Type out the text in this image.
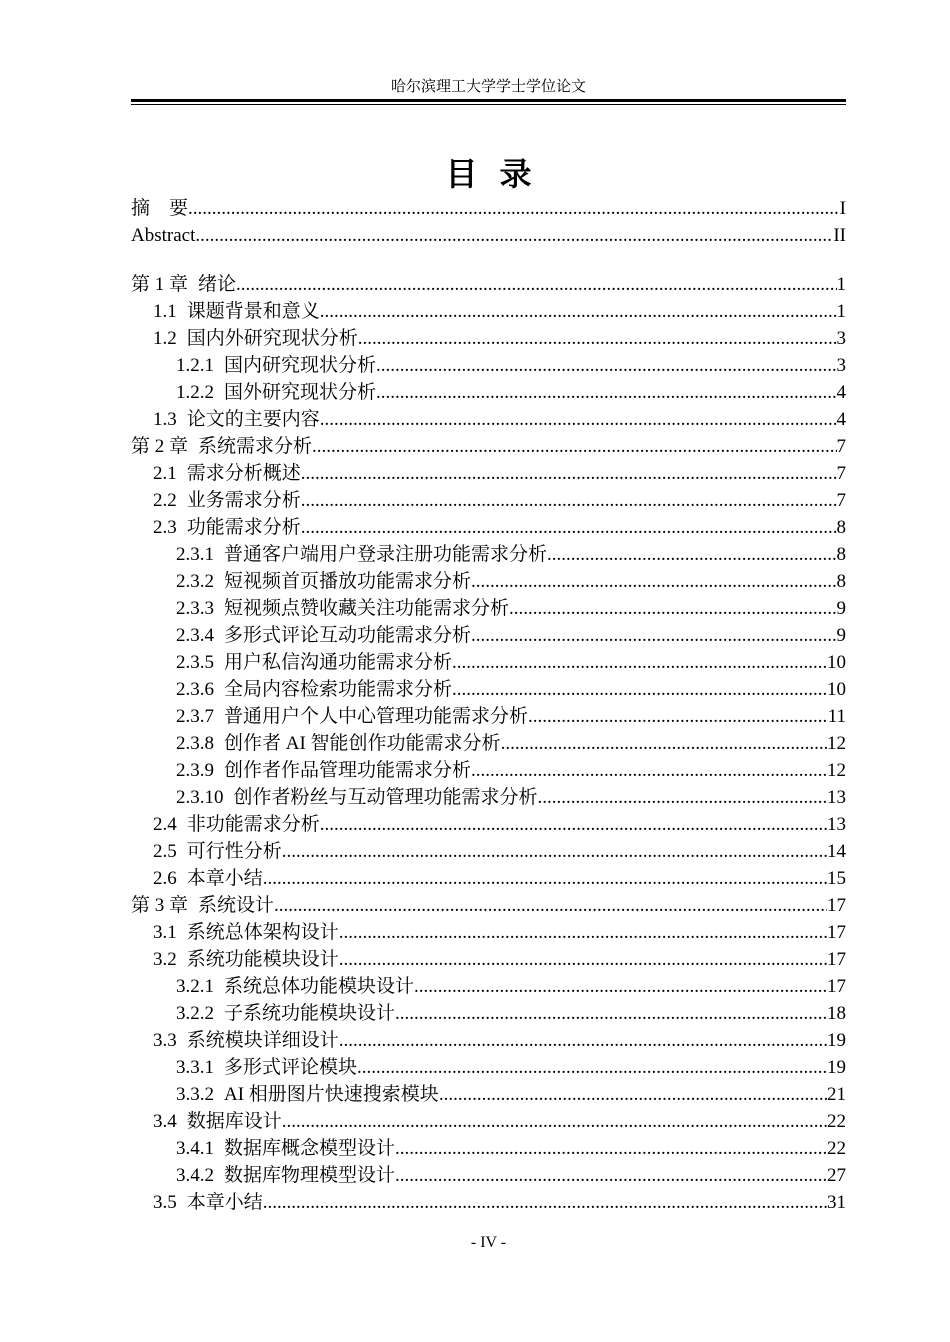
哈尔滨理工大学学士学位论文
目录
摘　要 .....	I
Abstract .....	II
第 1 章 绪论 .....	1
1.1 课题背景和意义 .....	1
1.2 国内外研究现状分析 .....	3
1.2.1 国内研究现状分析 .....	3
1.2.2 国外研究现状分析 .....	4
1.3 论文的主要内容 .....	4
第 2 章 系统需求分析 .....	7
2.1 需求分析概述 .....	7
2.2 业务需求分析 .....	7
2.3 功能需求分析 .....	8
2.3.1 普通客户端用户登录注册功能需求分析 .....	8
2.3.2 短视频首页播放功能需求分析 .....	8
2.3.3 短视频点赞收藏关注功能需求分析 .....	9
2.3.4 多形式评论互动功能需求分析 .....	9
2.3.5 用户私信沟通功能需求分析 .....	10
2.3.6 全局内容检索功能需求分析 .....	10
2.3.7 普通用户个人中心管理功能需求分析 .....	11
2.3.8 创作者 AI 智能创作功能需求分析 .....	12
2.3.9 创作者作品管理功能需求分析 .....	12
2.3.10 创作者粉丝与互动管理功能需求分析 .....	13
2.4 非功能需求分析 .....	13
2.5 可行性分析 .....	14
2.6 本章小结 .....	15
第 3 章 系统设计 .....	17
3.1 系统总体架构设计 .....	17
3.2 系统功能模块设计 .....	17
3.2.1 系统总体功能模块设计 .....	17
3.2.2 子系统功能模块设计 .....	18
3.3 系统模块详细设计 .....	19
3.3.1 多形式评论模块 .....	19
3.3.2 AI 相册图片快速搜索模块 .....	21
3.4 数据库设计 .....	22
3.4.1 数据库概念模型设计 .....	22
3.4.2 数据库物理模型设计 .....	27
3.5 本章小结 .....	31
- IV -
